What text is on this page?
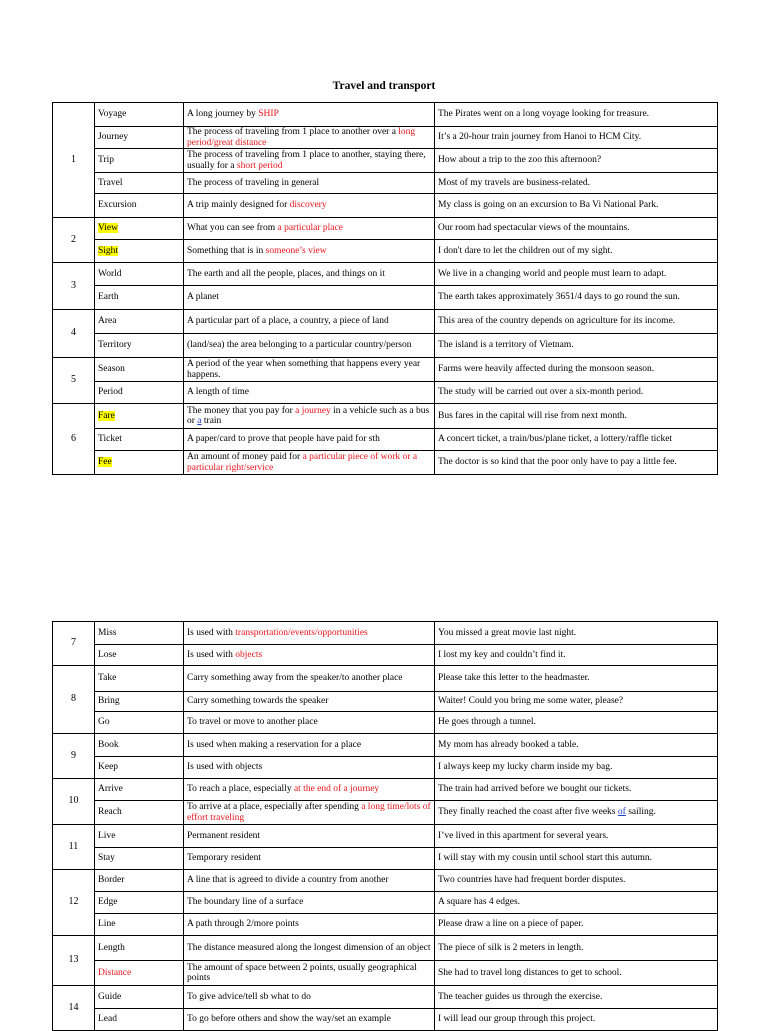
Travel and transport
1	Voyage	A long journey by SHIP	The Pirates went on a long voyage looking for treasure.
	Journey	The process of traveling from 1 place to another over a long period/great distance	It’s a 20-hour train journey from Hanoi to HCM City.
	Trip	The process of traveling from 1 place to another, staying there, usually for a short period	How about a trip to the zoo this afternoon?
	Travel	The process of traveling in general	Most of my travels are business-related.
	Excursion	A trip mainly designed for discovery	My class is going on an excursion to Ba Vi National Park.
2	View	What you can see from a particular place	Our room had spectacular views of the mountains.
	Sight	Something that is in someone’s view	I don't dare to let the children out of my sight.
3	World	The earth and all the people, places, and things on it	We live in a changing world and people must learn to adapt.
	Earth	A planet	The earth takes approximately 3651/4 days to go round the sun.
4	Area	A particular part of a place, a country, a piece of land	This area of the country depends on agriculture for its income.
	Territory	(land/sea) the area belonging to a particular country/person	The island is a territory of Vietnam.
5	Season	A period of the year when something that happens every year happens.	Farms were heavily affected during the monsoon season.
	Period	A length of time	The study will be carried out over a six-month period.
6	Fare	The money that you pay for a journey in a vehicle such as a bus or a train	Bus fares in the capital will rise from next month.
	Ticket	A paper/card to prove that people have paid for sth	A concert ticket, a train/bus/plane ticket, a lottery/raffle ticket
	Fee	An amount of money paid for a particular piece of work or a particular right/service	The doctor is so kind that the poor only have to pay a little fee.
7	Miss	Is used with transportation/events/opportunities	You missed a great movie last night.
	Lose	Is used with objects	I lost my key and couldn’t find it.
8	Take	Carry something away from the speaker/to another place	Please take this letter to the headmaster.
	Bring	Carry something towards the speaker	Waiter! Could you bring me some water, please?
	Go	To travel or move to another place	He goes through a tunnel.
9	Book	Is used when making a reservation for a place	My mom has already booked a table.
	Keep	Is used with objects	I always keep my lucky charm inside my bag.
10	Arrive	To reach a place, especially at the end of a journey	The train had arrived before we bought our tickets.
	Reach	To arrive at a place, especially after spending a long time/lots of effort traveling	They finally reached the coast after five weeks of sailing.
11	Live	Permanent resident	I’ve lived in this apartment for several years.
	Stay	Temporary resident	I will stay with my cousin until school start this autumn.
12	Border	A line that is agreed to divide a country from another	Two countries have had frequent border disputes.
	Edge	The boundary line of a surface	A square has 4 edges.
	Line	A path through 2/more points	Please draw a line on a piece of paper.
13	Length	The distance measured along the longest dimension of an object	The piece of silk is 2 meters in length.
	Distance	The amount of space between 2 points, usually geographical points	She had to travel long distances to get to school.
14	Guide	To give advice/tell sb what to do	The teacher guides us through the exercise.
	Lead	To go before others and show the way/set an example	I will lead our group through this project.
